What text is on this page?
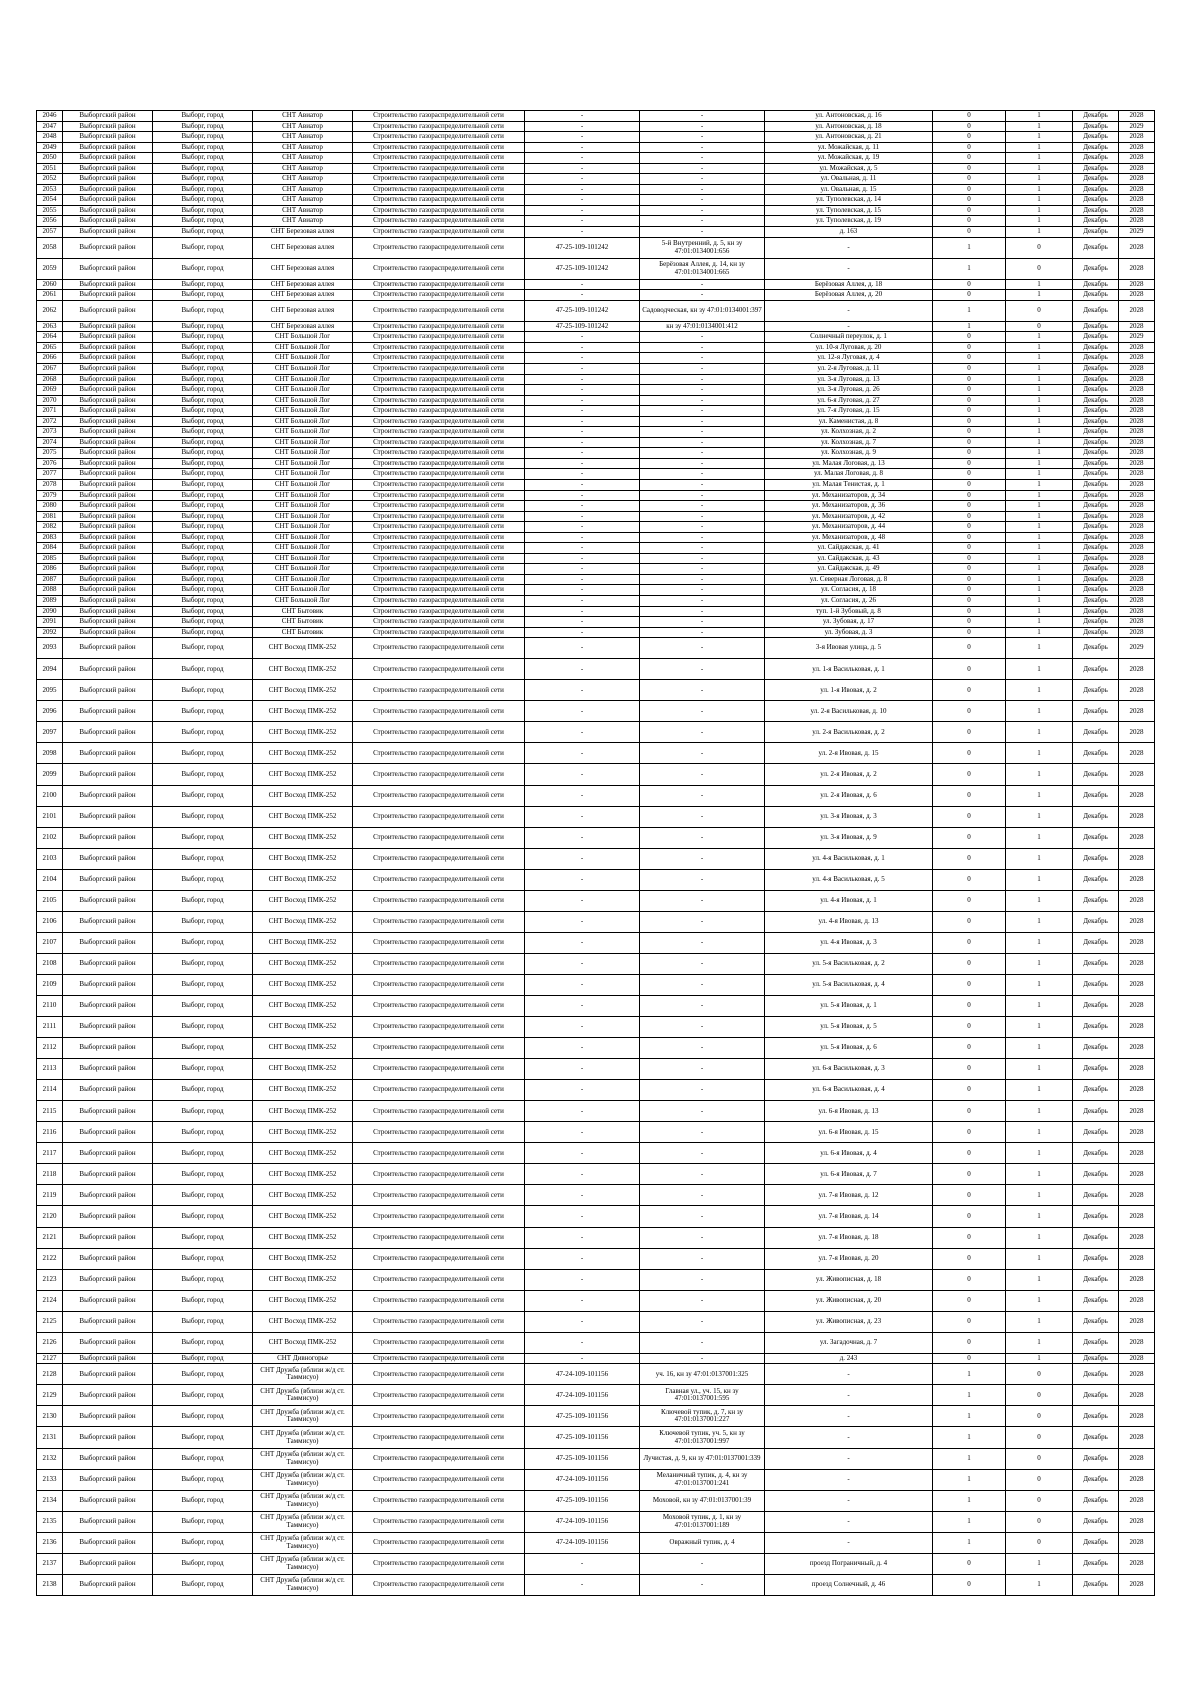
2046	Выборгский район	Выборг, город	СНТ Авиатор	Строительство газораспределительной сети	-	-	ул. Антоновская, д. 16	0	1	Декабрь	2028
2047	Выборгский район	Выборг, город	СНТ Авиатор	Строительство газораспределительной сети	-	-	ул. Антоновская, д. 18	0	1	Декабрь	2029
2048	Выборгский район	Выборг, город	СНТ Авиатор	Строительство газораспределительной сети	-	-	ул. Антоновская, д. 21	0	1	Декабрь	2028
2049	Выборгский район	Выборг, город	СНТ Авиатор	Строительство газораспределительной сети	-	-	ул. Можайская, д. 11	0	1	Декабрь	2028
2050	Выборгский район	Выборг, город	СНТ Авиатор	Строительство газораспределительной сети	-	-	ул. Можайская, д. 19	0	1	Декабрь	2028
2051	Выборгский район	Выборг, город	СНТ Авиатор	Строительство газораспределительной сети	-	-	ул. Можайская, д. 5	0	1	Декабрь	2028
2052	Выборгский район	Выборг, город	СНТ Авиатор	Строительство газораспределительной сети	-	-	ул. Овальная, д. 11	0	1	Декабрь	2028
2053	Выборгский район	Выборг, город	СНТ Авиатор	Строительство газораспределительной сети	-	-	ул. Овальная, д. 15	0	1	Декабрь	2028
2054	Выборгский район	Выборг, город	СНТ Авиатор	Строительство газораспределительной сети	-	-	ул. Туполевская, д. 14	0	1	Декабрь	2028
2055	Выборгский район	Выборг, город	СНТ Авиатор	Строительство газораспределительной сети	-	-	ул. Туполевская, д. 15	0	1	Декабрь	2028
2056	Выборгский район	Выборг, город	СНТ Авиатор	Строительство газораспределительной сети	-	-	ул. Туполевская, д. 19	0	1	Декабрь	2028
2057	Выборгский район	Выборг, город	СНТ Березовая аллея	Строительство газораспределительной сети	-	-	д. 163	0	1	Декабрь	2029
2058	Выборгский район	Выборг, город	СНТ Березовая аллея	Строительство газораспределительной сети	47-25-109-101242	5-й Внутренний, д. 5, кн зу 47:01:0134001:656	-	1	0	Декабрь	2028
2059	Выборгский район	Выборг, город	СНТ Березовая аллея	Строительство газораспределительной сети	47-25-109-101242	Берёзовая Аллея, д. 14, кн зу 47:01:0134001:665	-	1	0	Декабрь	2028
2060	Выборгский район	Выборг, город	СНТ Березовая аллея	Строительство газораспределительной сети	-	-	Берёзовая Аллея, д. 18	0	1	Декабрь	2028
2061	Выборгский район	Выборг, город	СНТ Березовая аллея	Строительство газораспределительной сети	-	-	Берёзовая Аллея, д. 20	0	1	Декабрь	2028
2062	Выборгский район	Выборг, город	СНТ Березовая аллея	Строительство газораспределительной сети	47-25-109-101242	Садоводческая, кн зу 47:01:0134001:397	-	1	0	Декабрь	2028
2063	Выборгский район	Выборг, город	СНТ Березовая аллея	Строительство газораспределительной сети	47-25-109-101242	кн зу 47:01:0134001:412	-	1	0	Декабрь	2028
2064	Выборгский район	Выборг, город	СНТ Большой Лог	Строительство газораспределительной сети	-	-	Солнечный переулок, д. 1	0	1	Декабрь	2029
2065	Выборгский район	Выборг, город	СНТ Большой Лог	Строительство газораспределительной сети	-	-	ул. 10-я Луговая, д. 20	0	1	Декабрь	2028
2066	Выборгский район	Выборг, город	СНТ Большой Лог	Строительство газораспределительной сети	-	-	ул. 12-я Луговая, д. 4	0	1	Декабрь	2028
2067	Выборгский район	Выборг, город	СНТ Большой Лог	Строительство газораспределительной сети	-	-	ул. 2-я Луговая, д. 11	0	1	Декабрь	2028
2068	Выборгский район	Выборг, город	СНТ Большой Лог	Строительство газораспределительной сети	-	-	ул. 3-я Луговая, д. 13	0	1	Декабрь	2028
2069	Выборгский район	Выборг, город	СНТ Большой Лог	Строительство газораспределительной сети	-	-	ул. 3-я Луговая, д. 26	0	1	Декабрь	2028
2070	Выборгский район	Выборг, город	СНТ Большой Лог	Строительство газораспределительной сети	-	-	ул. 6-я Луговая, д. 27	0	1	Декабрь	2028
2071	Выборгский район	Выборг, город	СНТ Большой Лог	Строительство газораспределительной сети	-	-	ул. 7-я Луговая, д. 15	0	1	Декабрь	2028
2072	Выборгский район	Выборг, город	СНТ Большой Лог	Строительство газораспределительной сети	-	-	ул. Каменистая, д. 8	0	1	Декабрь	2028
2073	Выборгский район	Выборг, город	СНТ Большой Лог	Строительство газораспределительной сети	-	-	ул. Колхозная, д. 2	0	1	Декабрь	2028
2074	Выборгский район	Выборг, город	СНТ Большой Лог	Строительство газораспределительной сети	-	-	ул. Колхозная, д. 7	0	1	Декабрь	2028
2075	Выборгский район	Выборг, город	СНТ Большой Лог	Строительство газораспределительной сети	-	-	ул. Колхозная, д. 9	0	1	Декабрь	2028
2076	Выборгский район	Выборг, город	СНТ Большой Лог	Строительство газораспределительной сети	-	-	ул. Малая Логовая, д. 13	0	1	Декабрь	2028
2077	Выборгский район	Выборг, город	СНТ Большой Лог	Строительство газораспределительной сети	-	-	ул. Малая Логовая, д. 8	0	1	Декабрь	2028
2078	Выборгский район	Выборг, город	СНТ Большой Лог	Строительство газораспределительной сети	-	-	ул. Малая Тенистая, д. 1	0	1	Декабрь	2028
2079	Выборгский район	Выборг, город	СНТ Большой Лог	Строительство газораспределительной сети	-	-	ул. Механизаторов, д. 34	0	1	Декабрь	2028
2080	Выборгский район	Выборг, город	СНТ Большой Лог	Строительство газораспределительной сети	-	-	ул. Механизаторов, д. 36	0	1	Декабрь	2028
2081	Выборгский район	Выборг, город	СНТ Большой Лог	Строительство газораспределительной сети	-	-	ул. Механизаторов, д. 42	0	1	Декабрь	2028
2082	Выборгский район	Выборг, город	СНТ Большой Лог	Строительство газораспределительной сети	-	-	ул. Механизаторов, д. 44	0	1	Декабрь	2028
2083	Выборгский район	Выборг, город	СНТ Большой Лог	Строительство газораспределительной сети	-	-	ул. Механизаторов, д. 48	0	1	Декабрь	2028
2084	Выборгский район	Выборг, город	СНТ Большой Лог	Строительство газораспределительной сети	-	-	ул. Сайдакская, д. 41	0	1	Декабрь	2028
2085	Выборгский район	Выборг, город	СНТ Большой Лог	Строительство газораспределительной сети	-	-	ул. Сайдакская, д. 43	0	1	Декабрь	2028
2086	Выборгский район	Выборг, город	СНТ Большой Лог	Строительство газораспределительной сети	-	-	ул. Сайдакская, д. 49	0	1	Декабрь	2028
2087	Выборгский район	Выборг, город	СНТ Большой Лог	Строительство газораспределительной сети	-	-	ул. Северная Логовая, д. 8	0	1	Декабрь	2028
2088	Выборгский район	Выборг, город	СНТ Большой Лог	Строительство газораспределительной сети	-	-	ул. Согласия, д. 18	0	1	Декабрь	2028
2089	Выборгский район	Выборг, город	СНТ Большой Лог	Строительство газораспределительной сети	-	-	ул. Согласия, д. 26	0	1	Декабрь	2028
2090	Выборгский район	Выборг, город	СНТ Бытовик	Строительство газораспределительной сети	-	-	туп. 1-й Зубовый, д. 8	0	1	Декабрь	2028
2091	Выборгский район	Выборг, город	СНТ Бытовик	Строительство газораспределительной сети	-	-	ул. Зубовая, д. 17	0	1	Декабрь	2028
2092	Выборгский район	Выборг, город	СНТ Бытовик	Строительство газораспределительной сети	-	-	ул. Зубовая, д. 3	0	1	Декабрь	2028
2093	Выборгский район	Выборг, город	СНТ Восход ПМК-252	Строительство газораспределительной сети	-	-	3-я Ивовая улица, д. 5	0	1	Декабрь	2029
2094	Выборгский район	Выборг, город	СНТ Восход ПМК-252	Строительство газораспределительной сети	-	-	ул. 1-я Васильковая, д. 1	0	1	Декабрь	2028
2095	Выборгский район	Выборг, город	СНТ Восход ПМК-252	Строительство газораспределительной сети	-	-	ул. 1-я Ивовая, д. 2	0	1	Декабрь	2028
2096	Выборгский район	Выборг, город	СНТ Восход ПМК-252	Строительство газораспределительной сети	-	-	ул. 2-я Васильковая, д. 10	0	1	Декабрь	2028
2097	Выборгский район	Выборг, город	СНТ Восход ПМК-252	Строительство газораспределительной сети	-	-	ул. 2-я Васильковая, д. 2	0	1	Декабрь	2028
2098	Выборгский район	Выборг, город	СНТ Восход ПМК-252	Строительство газораспределительной сети	-	-	ул. 2-я Ивовая, д. 15	0	1	Декабрь	2028
2099	Выборгский район	Выборг, город	СНТ Восход ПМК-252	Строительство газораспределительной сети	-	-	ул. 2-я Ивовая, д. 2	0	1	Декабрь	2028
2100	Выборгский район	Выборг, город	СНТ Восход ПМК-252	Строительство газораспределительной сети	-	-	ул. 2-я Ивовая, д. 6	0	1	Декабрь	2028
2101	Выборгский район	Выборг, город	СНТ Восход ПМК-252	Строительство газораспределительной сети	-	-	ул. 3-я Ивовая, д. 3	0	1	Декабрь	2028
2102	Выборгский район	Выборг, город	СНТ Восход ПМК-252	Строительство газораспределительной сети	-	-	ул. 3-я Ивовая, д. 9	0	1	Декабрь	2028
2103	Выборгский район	Выборг, город	СНТ Восход ПМК-252	Строительство газораспределительной сети	-	-	ул. 4-я Васильковая, д. 1	0	1	Декабрь	2028
2104	Выборгский район	Выборг, город	СНТ Восход ПМК-252	Строительство газораспределительной сети	-	-	ул. 4-я Васильковая, д. 5	0	1	Декабрь	2028
2105	Выборгский район	Выборг, город	СНТ Восход ПМК-252	Строительство газораспределительной сети	-	-	ул. 4-я Ивовая, д. 1	0	1	Декабрь	2028
2106	Выборгский район	Выборг, город	СНТ Восход ПМК-252	Строительство газораспределительной сети	-	-	ул. 4-я Ивовая, д. 13	0	1	Декабрь	2028
2107	Выборгский район	Выборг, город	СНТ Восход ПМК-252	Строительство газораспределительной сети	-	-	ул. 4-я Ивовая, д. 3	0	1	Декабрь	2028
2108	Выборгский район	Выборг, город	СНТ Восход ПМК-252	Строительство газораспределительной сети	-	-	ул. 5-я Васильковая, д. 2	0	1	Декабрь	2028
2109	Выборгский район	Выборг, город	СНТ Восход ПМК-252	Строительство газораспределительной сети	-	-	ул. 5-я Васильковая, д. 4	0	1	Декабрь	2028
2110	Выборгский район	Выборг, город	СНТ Восход ПМК-252	Строительство газораспределительной сети	-	-	ул. 5-я Ивовая, д. 1	0	1	Декабрь	2028
2111	Выборгский район	Выборг, город	СНТ Восход ПМК-252	Строительство газораспределительной сети	-	-	ул. 5-я Ивовая, д. 5	0	1	Декабрь	2028
2112	Выборгский район	Выборг, город	СНТ Восход ПМК-252	Строительство газораспределительной сети	-	-	ул. 5-я Ивовая, д. 6	0	1	Декабрь	2028
2113	Выборгский район	Выборг, город	СНТ Восход ПМК-252	Строительство газораспределительной сети	-	-	ул. 6-я Васильковая, д. 3	0	1	Декабрь	2028
2114	Выборгский район	Выборг, город	СНТ Восход ПМК-252	Строительство газораспределительной сети	-	-	ул. 6-я Васильковая, д. 4	0	1	Декабрь	2028
2115	Выборгский район	Выборг, город	СНТ Восход ПМК-252	Строительство газораспределительной сети	-	-	ул. 6-я Ивовая, д. 13	0	1	Декабрь	2028
2116	Выборгский район	Выборг, город	СНТ Восход ПМК-252	Строительство газораспределительной сети	-	-	ул. 6-я Ивовая, д. 15	0	1	Декабрь	2028
2117	Выборгский район	Выборг, город	СНТ Восход ПМК-252	Строительство газораспределительной сети	-	-	ул. 6-я Ивовая, д. 4	0	1	Декабрь	2028
2118	Выборгский район	Выборг, город	СНТ Восход ПМК-252	Строительство газораспределительной сети	-	-	ул. 6-я Ивовая, д. 7	0	1	Декабрь	2028
2119	Выборгский район	Выборг, город	СНТ Восход ПМК-252	Строительство газораспределительной сети	-	-	ул. 7-я Ивовая, д. 12	0	1	Декабрь	2028
2120	Выборгский район	Выборг, город	СНТ Восход ПМК-252	Строительство газораспределительной сети	-	-	ул. 7-я Ивовая, д. 14	0	1	Декабрь	2028
2121	Выборгский район	Выборг, город	СНТ Восход ПМК-252	Строительство газораспределительной сети	-	-	ул. 7-я Ивовая, д. 18	0	1	Декабрь	2028
2122	Выборгский район	Выборг, город	СНТ Восход ПМК-252	Строительство газораспределительной сети	-	-	ул. 7-я Ивовая, д. 20	0	1	Декабрь	2028
2123	Выборгский район	Выборг, город	СНТ Восход ПМК-252	Строительство газораспределительной сети	-	-	ул. Живописная, д. 18	0	1	Декабрь	2028
2124	Выборгский район	Выборг, город	СНТ Восход ПМК-252	Строительство газораспределительной сети	-	-	ул. Живописная, д. 20	0	1	Декабрь	2028
2125	Выборгский район	Выборг, город	СНТ Восход ПМК-252	Строительство газораспределительной сети	-	-	ул. Живописная, д. 23	0	1	Декабрь	2028
2126	Выборгский район	Выборг, город	СНТ Восход ПМК-252	Строительство газораспределительной сети	-	-	ул. Загадочная, д. 7	0	1	Декабрь	2028
2127	Выборгский район	Выборг, город	СНТ Дивногорье	Строительство газораспределительной сети	-	-	д. 243	0	1	Декабрь	2028
2128	Выборгский район	Выборг, город	СНТ Дружба (вблизи ж/д ст. Таммисуо)	Строительство газораспределительной сети	47-24-109-101156	уч. 16, кн зу 47:01:0137001:325	-	1	0	Декабрь	2028
2129	Выборгский район	Выборг, город	СНТ Дружба (вблизи ж/д ст. Таммисуо)	Строительство газораспределительной сети	47-24-109-101156	Главная ул., уч. 15, кн зу 47:01:0137001:595	-	1	0	Декабрь	2028
2130	Выборгский район	Выборг, город	СНТ Дружба (вблизи ж/д ст. Таммисуо)	Строительство газораспределительной сети	47-25-109-101156	Ключевой тупик, д. 7, кн зу 47:01:0137001:227	-	1	0	Декабрь	2028
2131	Выборгский район	Выборг, город	СНТ Дружба (вблизи ж/д ст. Таммисуо)	Строительство газораспределительной сети	47-25-109-101156	Ключевой тупик, уч. 5, кн зу 47:01:0137001:997	-	1	0	Декабрь	2028
2132	Выборгский район	Выборг, город	СНТ Дружба (вблизи ж/д ст. Таммисуо)	Строительство газораспределительной сети	47-25-109-101156	Лучистая, д. 9, кн зу 47:01:0137001:339	-	1	0	Декабрь	2028
2133	Выборгский район	Выборг, город	СНТ Дружба (вблизи ж/д ст. Таммисуо)	Строительство газораспределительной сети	47-24-109-101156	Меланичный тупик, д. 4, кн зу 47:01:0137001:241	-	1	0	Декабрь	2028
2134	Выборгский район	Выборг, город	СНТ Дружба (вблизи ж/д ст. Таммисуо)	Строительство газораспределительной сети	47-25-109-101156	Моховой, кн зу 47:01:0137001:39	-	1	0	Декабрь	2028
2135	Выборгский район	Выборг, город	СНТ Дружба (вблизи ж/д ст. Таммисуо)	Строительство газораспределительной сети	47-24-109-101156	Моховой тупик, д. 1, кн зу 47:01:0137001:189	-	1	0	Декабрь	2028
2136	Выборгский район	Выборг, город	СНТ Дружба (вблизи ж/д ст. Таммисуо)	Строительство газораспределительной сети	47-24-109-101156	Овражный тупик, д. 4	-	1	0	Декабрь	2028
2137	Выборгский район	Выборг, город	СНТ Дружба (вблизи ж/д ст. Таммисуо)	Строительство газораспределительной сети	-	-	проезд Пограничный, д. 4	0	1	Декабрь	2028
2138	Выборгский район	Выборг, город	СНТ Дружба (вблизи ж/д ст. Таммисуо)	Строительство газораспределительной сети	-	-	проезд Солнечный, д. 46	0	1	Декабрь	2028
